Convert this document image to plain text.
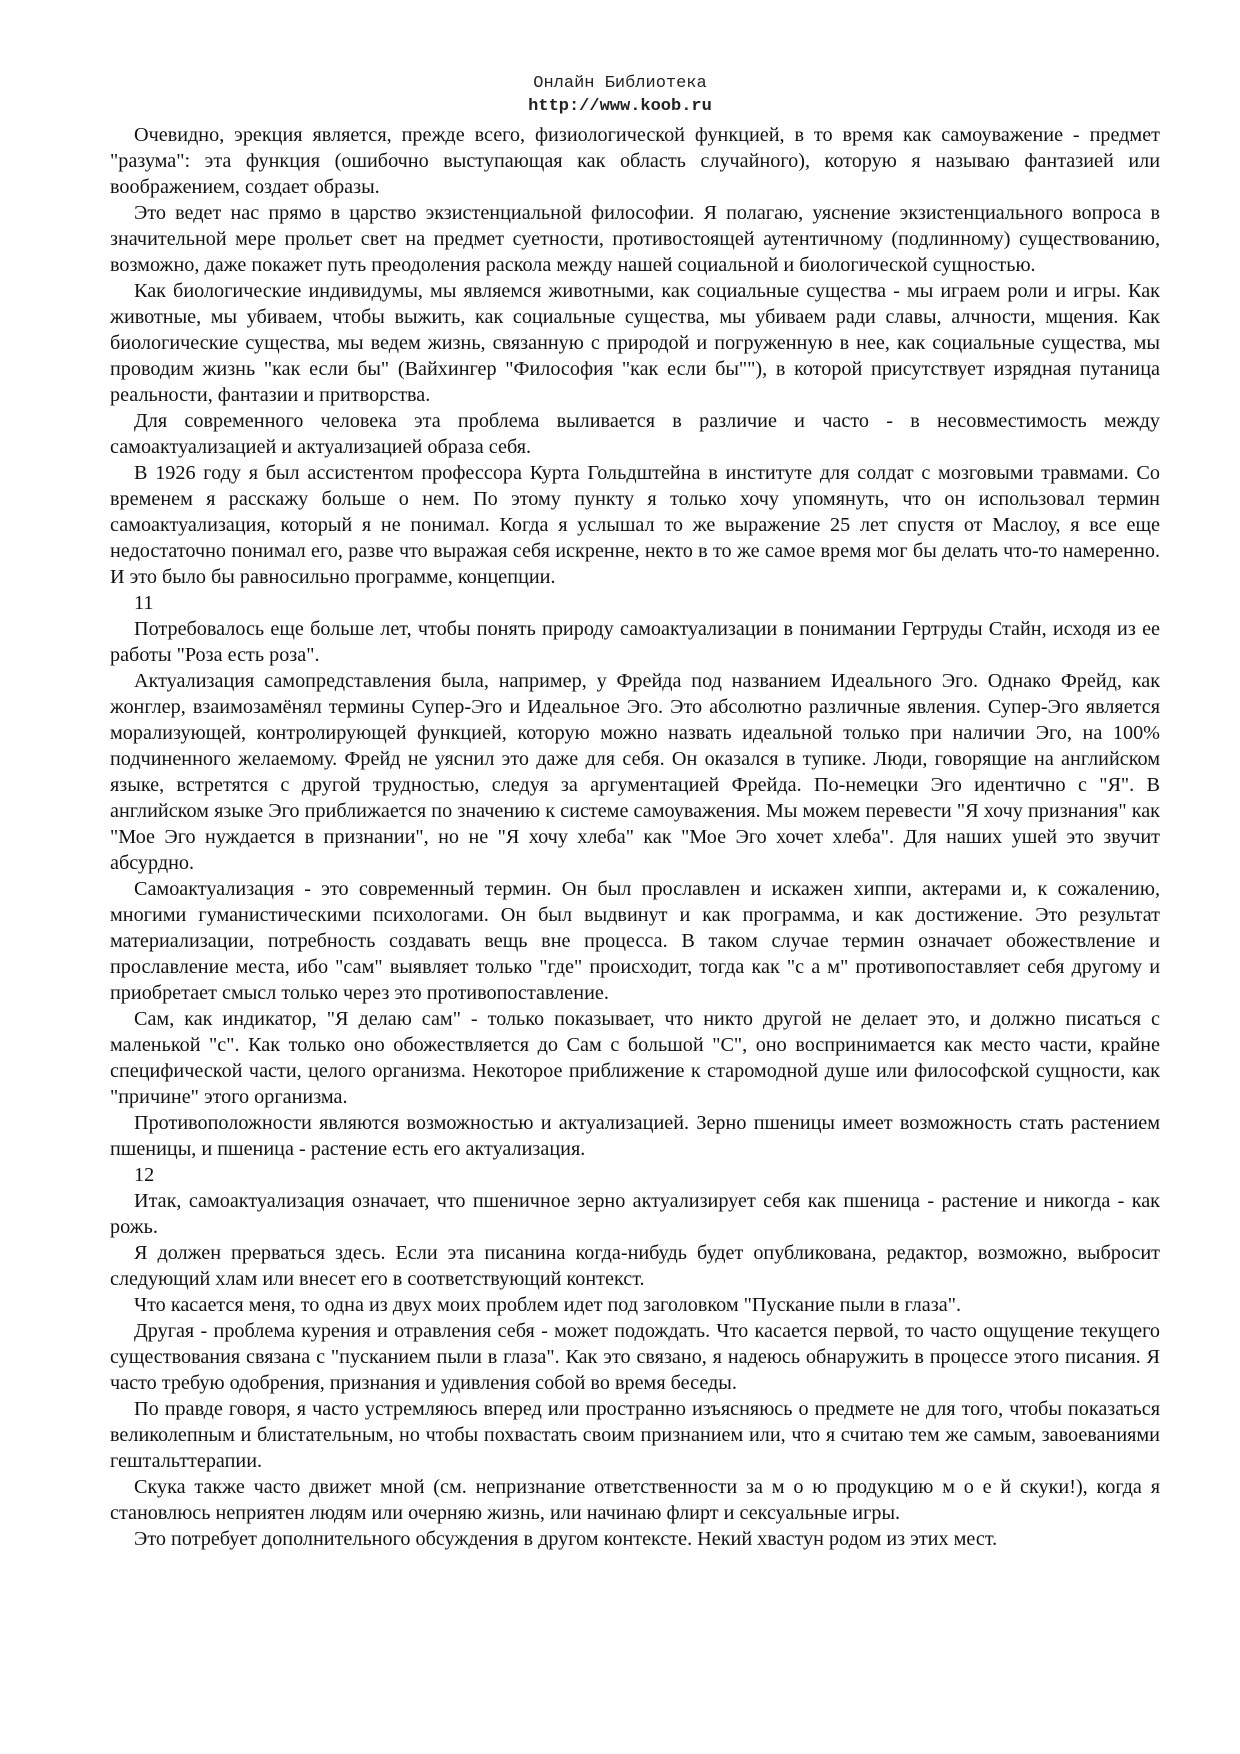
Онлайн Библиотека
http://www.koob.ru

Очевидно, эрекция является, прежде всего, физиологической функцией, в то время как самоуважение - предмет "разума": эта функция (ошибочно выступающая как область случайного), которую я называю фантазией или воображением, создает образы.

Это ведет нас прямо в царство экзистенциальной философии. Я полагаю, уяснение экзистенциального вопроса в значительной мере прольет свет на предмет суетности, противостоящей аутентичному (подлинному) существованию, возможно, даже покажет путь преодоления раскола между нашей социальной и биологической сущностью.

Как биологические индивидумы, мы являемся животными, как социальные существа - мы играем роли и игры. Как животные, мы убиваем, чтобы выжить, как социальные существа, мы убиваем ради славы, алчности, мщения. Как биологические существа, мы ведем жизнь, связанную с природой и погруженную в нее, как социальные существа, мы проводим жизнь "как если бы" (Вайхингер "Философия "как если бы""), в которой присутствует изрядная путаница реальности, фантазии и притворства.

Для современного человека эта проблема выливается в различие и часто - в несовместимость между самоактуализацией и актуализацией образа себя.

В 1926 году я был ассистентом профессора Курта Гольдштейна в институте для солдат с мозговыми травмами. Со временем я расскажу больше о нем. По этому пункту я только хочу упомянуть, что он использовал термин самоактуализация, который я не понимал. Когда я услышал то же выражение 25 лет спустя от Маслоу, я все еще недостаточно понимал его, разве что выражая себя искренне, некто в то же самое время мог бы делать что-то намеренно. И это было бы равносильно программе, концепции.

11

Потребовалось еще больше лет, чтобы понять природу самоактуализации в понимании Гертруды Стайн, исходя из ее работы "Роза есть роза".

Актуализация самопредставления была, например, у Фрейда под названием Идеального Эго. Однако Фрейд, как жонглер, взаимозамёнял термины Супер-Эго и Идеальное Эго. Это абсолютно различные явления. Супер-Эго является морализующей, контролирующей функцией, которую можно назвать идеальной только при наличии Эго, на 100% подчиненного желаемому. Фрейд не уяснил это даже для себя. Он оказался в тупике. Люди, говорящие на английском языке, встретятся с другой трудностью, следуя за аргументацией Фрейда. По-немецки Эго идентично с "Я". В английском языке Эго приближается по значению к системе самоуважения. Мы можем перевести "Я хочу признания" как "Мое Эго нуждается в признании", но не "Я хочу хлеба" как "Мое Эго хочет хлеба". Для наших ушей это звучит абсурдно.

Самоактуализация - это современный термин. Он был прославлен и искажен хиппи, актерами и, к сожалению, многими гуманистическими психологами. Он был выдвинут и как программа, и как достижение. Это результат материализации, потребность создавать вещь вне процесса. В таком случае термин означает обожествление и прославление места, ибо "сам" выявляет только "где" происходит, тогда как "с а м" противопоставляет себя другому и приобретает смысл только через это противопоставление.

Сам, как индикатор, "Я делаю сам" - только показывает, что никто другой не делает это, и должно писаться с маленькой "с". Как только оно обожествляется до Сам с большой "С", оно воспринимается как место части, крайне специфической части, целого организма. Некоторое приближение к старомодной душе или философской сущности, как "причине" этого организма.

Противоположности являются возможностью и актуализацией. Зерно пшеницы имеет возможность стать растением пшеницы, и пшеница - растение есть его актуализация.

12

Итак, самоактуализация означает, что пшеничное зерно актуализирует себя как пшеница - растение и никогда - как рожь.

Я должен прерваться здесь. Если эта писанина когда-нибудь будет опубликована, редактор, возможно, выбросит следующий хлам или внесет его в соответствующий контекст.

Что касается меня, то одна из двух моих проблем идет под заголовком "Пускание пыли в глаза".

Другая - проблема курения и отравления себя - может подождать. Что касается первой, то часто ощущение текущего существования связана с "пусканием пыли в глаза". Как это связано, я надеюсь обнаружить в процессе этого писания. Я часто требую одобрения, признания и удивления собой во время беседы.

По правде говоря, я часто устремляюсь вперед или пространно изъясняюсь о предмете не для того, чтобы показаться великолепным и блистательным, но чтобы похвастать своим признанием или, что я считаю тем же самым, завоеваниями гештальттерапии.

Скука также часто движет мной (см. непризнание ответственности за м о ю продукцию м о е й скуки!), когда я становлюсь неприятен людям или очерняю жизнь, или начинаю флирт и сексуальные игры.

Это потребует дополнительного обсуждения в другом контексте. Некий хвастун родом из этих мест.
